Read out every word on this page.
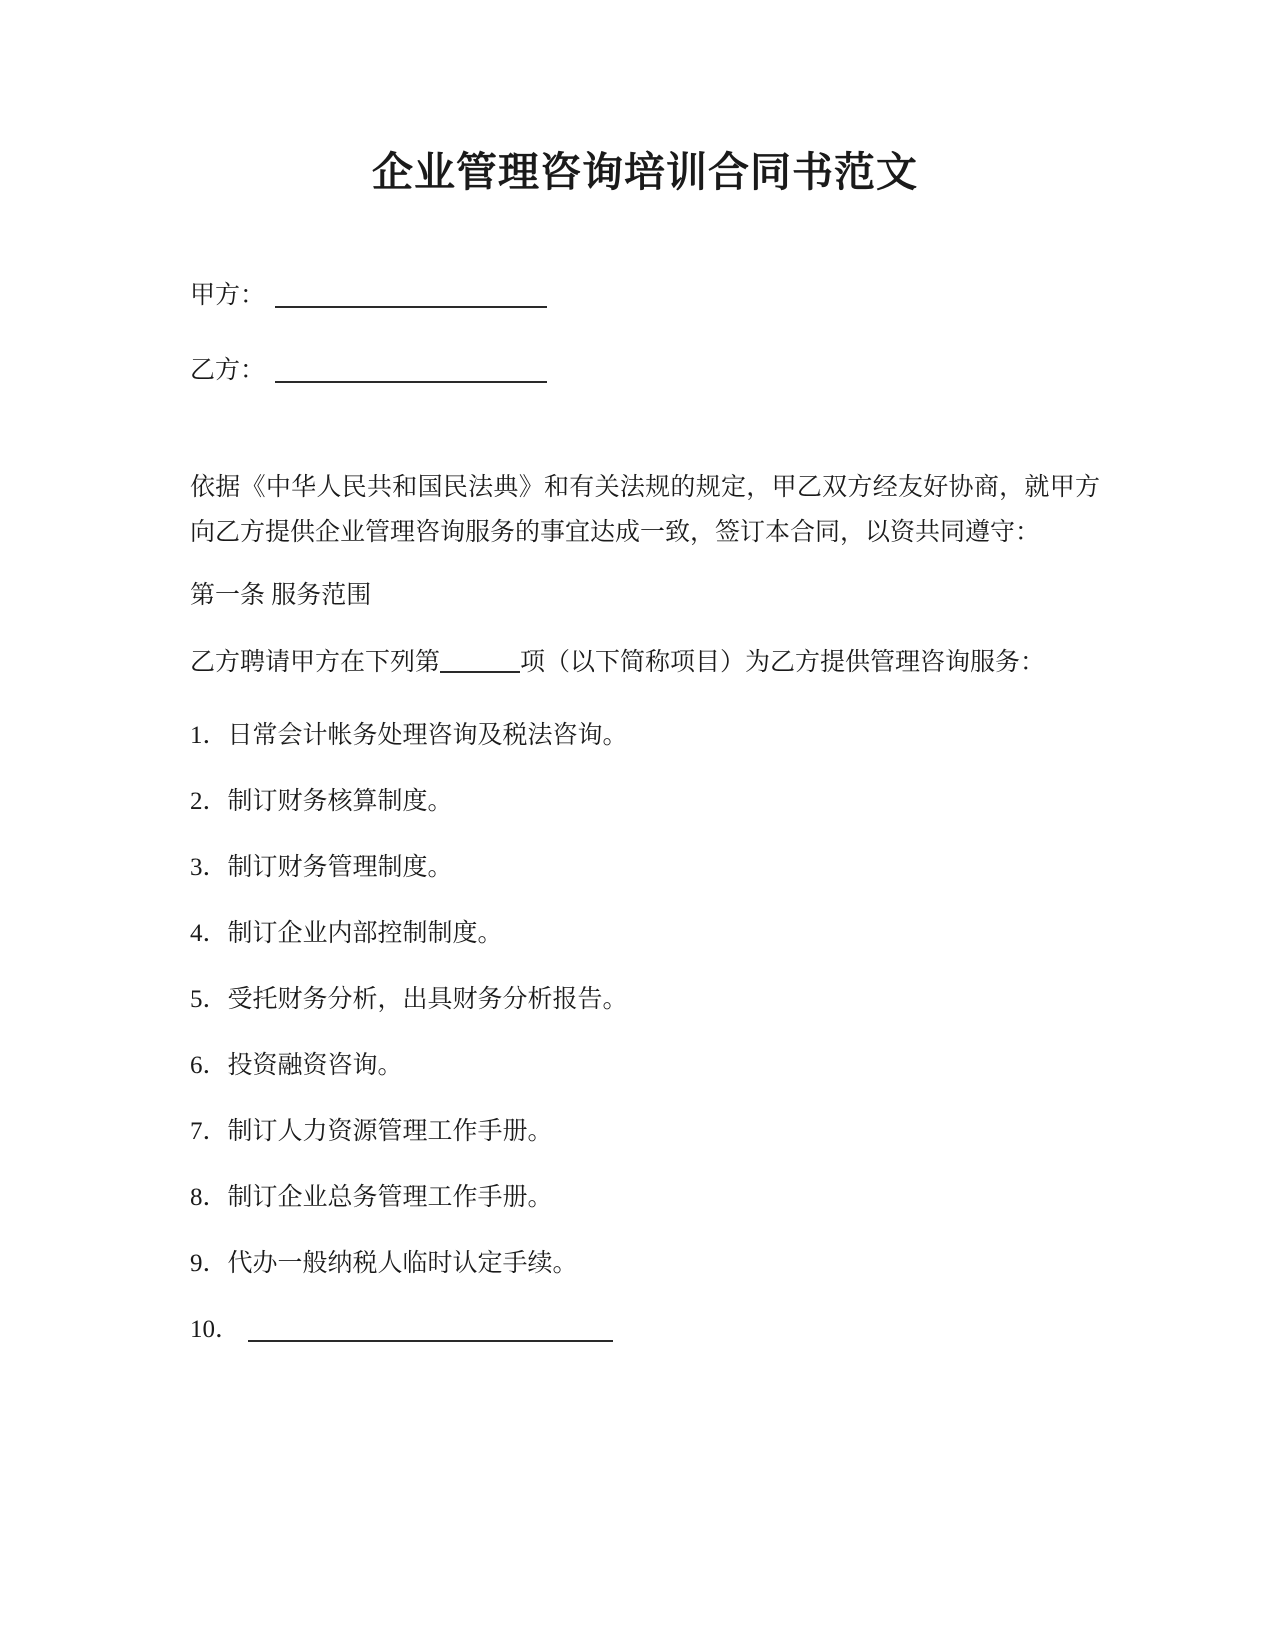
企业管理咨询培训合同书范文
甲方：
乙方：
依据《中华人民共和国民法典》和有关法规的规定，甲乙双方经友好协商，就甲方向乙方提供企业管理咨询服务的事宜达成一致，签订本合同，以资共同遵守：
第一条 服务范围
乙方聘请甲方在下列第	项（以下简称项目）为乙方提供管理咨询服务：
1．日常会计帐务处理咨询及税法咨询。
2．制订财务核算制度。
3．制订财务管理制度。
4．制订企业内部控制制度。
5．受托财务分析，出具财务分析报告。
6．投资融资咨询。
7．制订人力资源管理工作手册。
8．制订企业总务管理工作手册。
9．代办一般纳税人临时认定手续。
10．
